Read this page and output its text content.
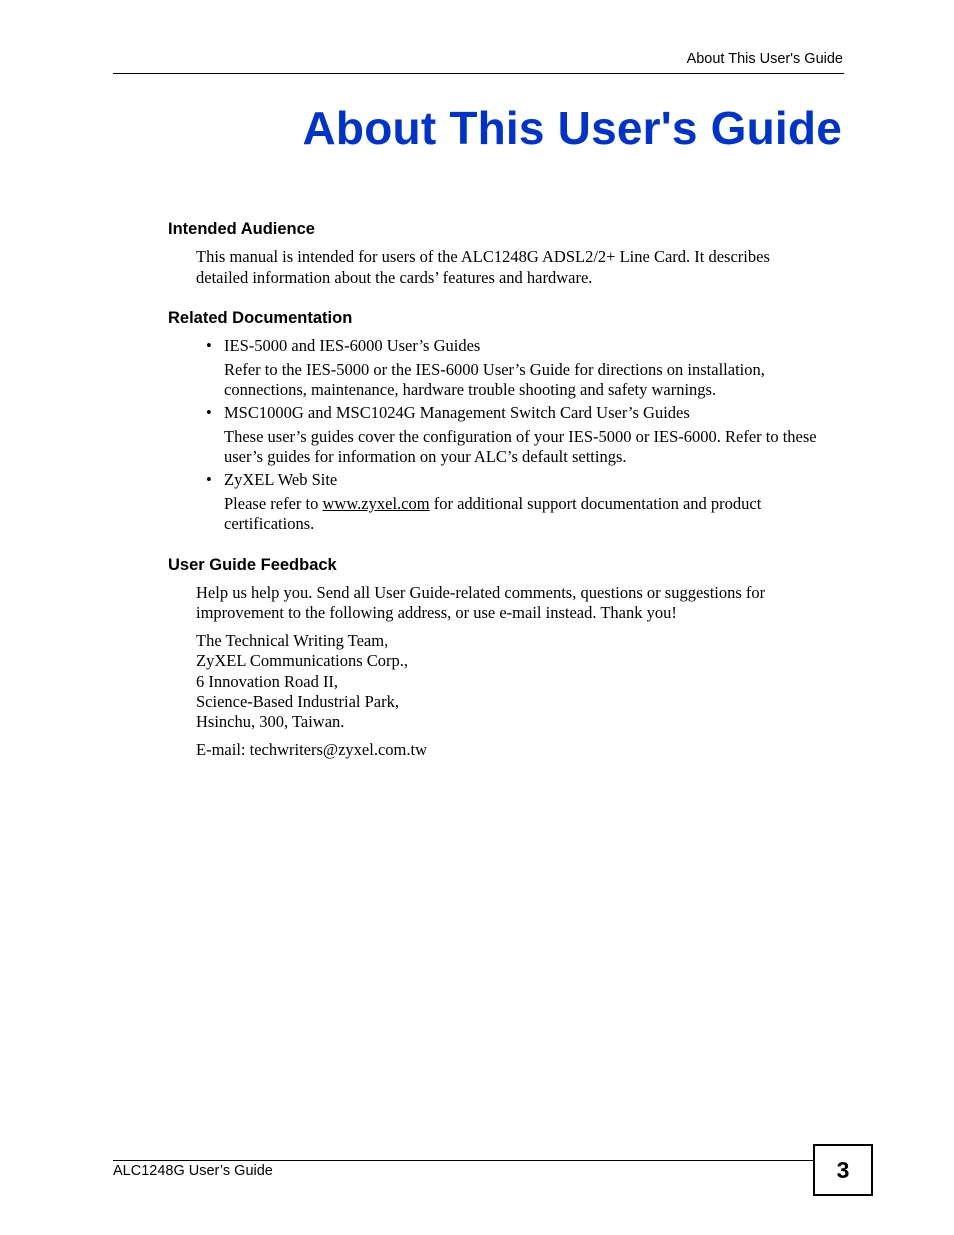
About This User's Guide
About This User's Guide
Intended Audience

This manual is intended for users of the ALC1248G ADSL2/2+ Line Card. It describes

detailed information about the cards’ features and hardware.

Related Documentation

• IES-5000 and IES-6000 User’s Guides

Refer to the IES-5000 or the IES-6000 User’s Guide for directions on installation,

connections, maintenance, hardware trouble shooting and safety warnings.

• MSC1000G and MSC1024G Management Switch Card User’s Guides

These user’s guides cover the configuration of your IES-5000 or IES-6000. Refer to these

user’s guides for information on your ALC’s default settings.

• ZyXEL Web Site

Please refer to www.zyxel.com for additional support documentation and product

certifications.

User Guide Feedback

Help us help you. Send all User Guide-related comments, questions or suggestions for

improvement to the following address, or use e-mail instead. Thank you!

The Technical Writing Team,

ZyXEL Communications Corp.,

6 Innovation Road II,

Science-Based Industrial Park,

Hsinchu, 300, Taiwan.

E-mail: techwriters@zyxel.com.tw

ALC1248G User’s Guide	3
